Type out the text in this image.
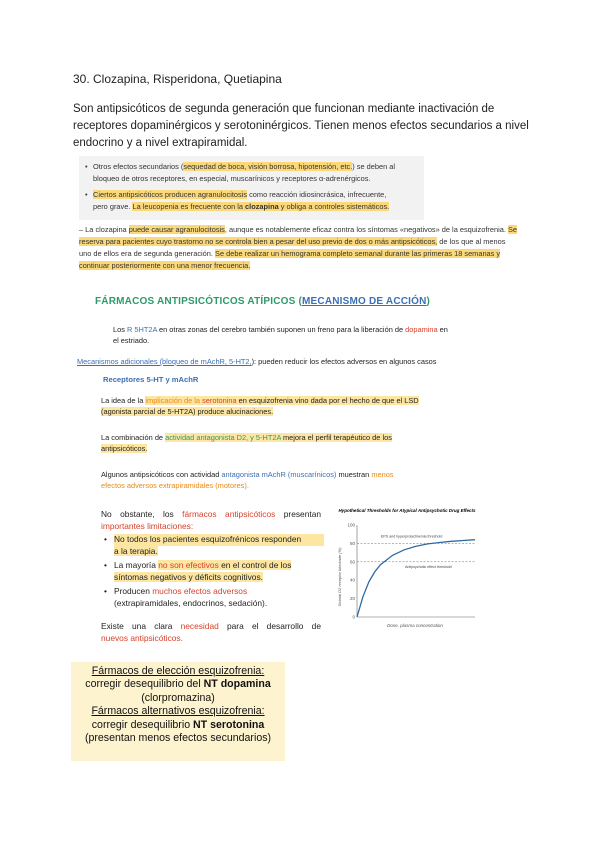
30. Clozapina, Risperidona, Quetiapina
Son antipsicóticos de segunda generación que funcionan mediante inactivación de
receptores dopaminérgicos y serotoninérgicos. Tienen menos efectos secundarios a nivel
endocrino y a nivel extrapiramidal.
• Otros efectos secundarios (sequedad de boca, visión borrosa, hipotensión, etc.) se deben al
bloqueo de otros receptores, en especial, muscarínicos y receptores α-adrenérgicos.
• Ciertos antipsicóticos producen agranulocitosis como reacción idiosincrásica, infrecuente,
pero grave. La leucopenia es frecuente con la clozapina y obliga a controles sistemáticos.
– La clozapina puede causar agranulocitosis, aunque es notablemente eficaz contra los síntomas «negativos» de la esquizofrenia. Se
reserva para pacientes cuyo trastorno no se controla bien a pesar del uso previo de dos o más antipsicóticos, de los que al menos
uno de ellos era de segunda generación. Se debe realizar un hemograma completo semanal durante las primeras 18 semanas y
continuar posteriormente con una menor frecuencia.
FÁRMACOS ANTIPSICÓTICOS ATÍPICOS (MECANISMO DE ACCIÓN)
Los R 5HT2A en otras zonas del cerebro también suponen un freno para la liberación de dopamina en
el estriado.
Mecanismos adicionales (bloqueo de mAchR, 5-HT2,): pueden reducir los efectos adversos en algunos casos
Receptores 5-HT y mAchR
La idea de la implicación de la serotonina en esquizofrenia vino dada por el hecho de que el LSD
(agonista parcial de 5-HT2A) produce alucinaciones.
La combinación de actividad antagonista D2, y 5-HT2A mejora el perfil terapéutico de los
antipsicóticos.
Algunos antipsicóticos con actividad antagonista mAchR (muscarínicos) muestran menos
efectos adversos extrapiramidales (motores).
No obstante, los fármacos antipsicóticos presentan
importantes limitaciones:
• No todos los pacientes esquizofrénicos responden
a la terapia.
• La mayoría no son efectivos en el control de los
síntomas negativos y déficits cognitivos.
• Producen muchos efectos adversos
(extrapiramidales, endocrinos, sedación).
Existe una clara necesidad para el desarrollo de
nuevos antipsicóticos.
Hypothetical Thresholds for Atypical Antipsychotic Drug Effects
100
80
60
40
20
0
EPS and hyperprolactinemia threshold
Antipsychotic effect threshold
Dose, plasma concentration
Striatal D2 receptor blockade (%)
Fármacos de elección esquizofrenia:
corregir desequilibrio del NT dopamina
(clorpromazina)
Fármacos alternativos esquizofrenia:
corregir desequilibrio NT serotonina
(presentan menos efectos secundarios)
